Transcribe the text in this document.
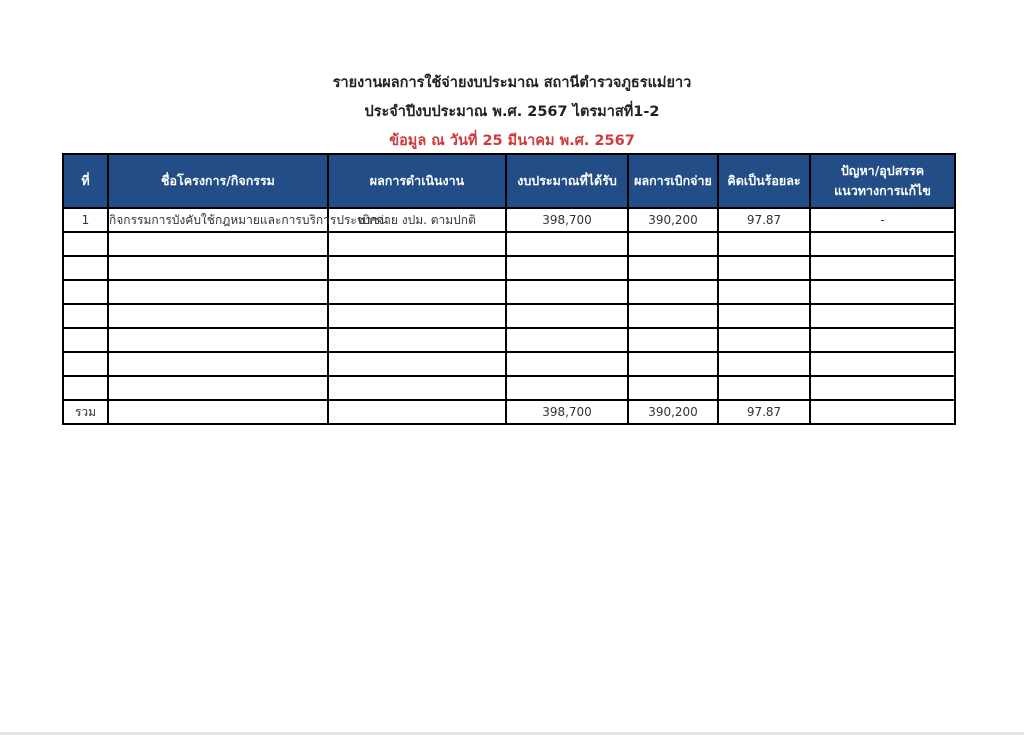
รายงานผลการใช้จ่ายงบประมาณ สถานีตำรวจภูธรแม่ยาว
ประจำปีงบประมาณ พ.ศ. 2567 ไตรมาสที่1-2
ข้อมูล ณ วันที่ 25 มีนาคม พ.ศ. 2567
ที่	ชื่อโครงการ/กิจกรรม	ผลการดำเนินงาน	งบประมาณที่ได้รับ	ผลการเบิกจ่าย	คิดเป็นร้อยละ	ปัญหา/อุปสรรค แนวทางการแก้ไข
1	กิจกรรมการบังคับใช้กฎหมายและการบริการประชาชน	เบิกจ่าย งปม. ตามปกติ	398,700	390,200	97.87	-

รวม			398,700	390,200	97.87	
